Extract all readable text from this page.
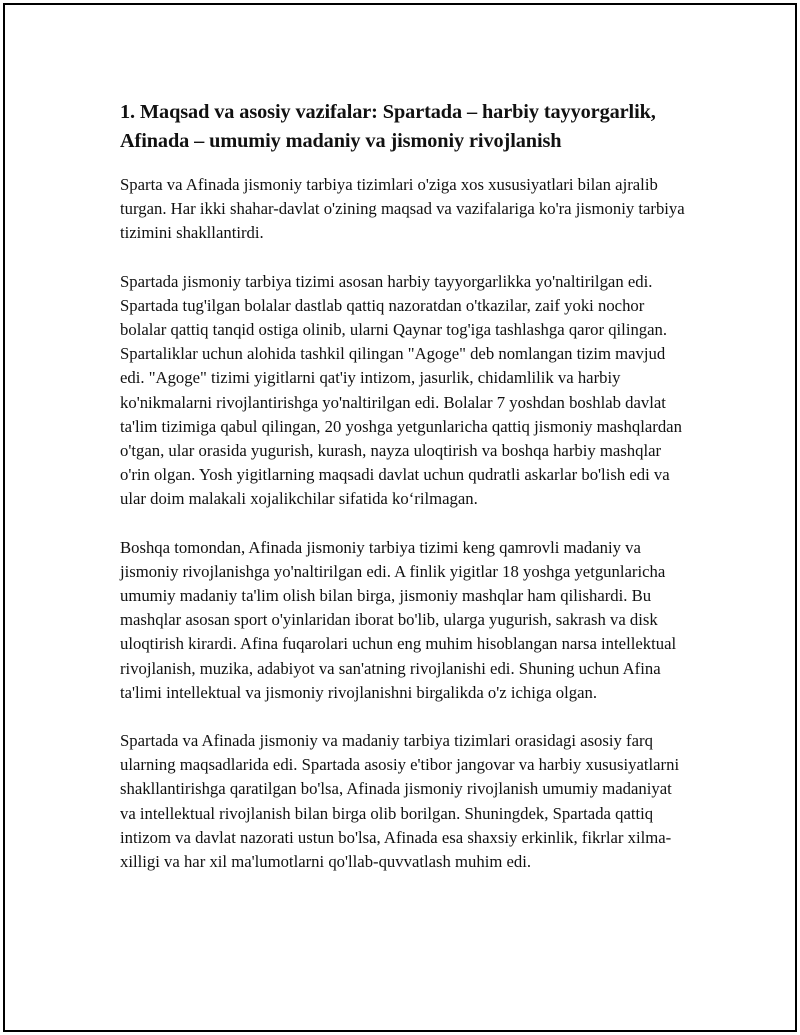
1. Maqsad va asosiy vazifalar: Spartada – harbiy tayyorgarlik, Afinada – umumiy madaniy va jismoniy rivojlanish

Sparta va Afinada jismoniy tarbiya tizimlari o'ziga xos xususiyatlari bilan ajralib turgan. Har ikki shahar-davlat o'zining maqsad va vazifalariga ko'ra jismoniy tarbiya tizimini shakllantirdi.

Spartada jismoniy tarbiya tizimi asosan harbiy tayyorgarlikka yo'naltirilgan edi. Spartada tug'ilgan bolalar dastlab qattiq nazoratdan o'tkazilar, zaif yoki nochor bolalar qattiq tanqid ostiga olinib, ularni Qaynar tog'iga tashlashga qaror qilingan. Spartaliklar uchun alohida tashkil qilingan "Agoge" deb nomlangan tizim mavjud edi. "Agoge" tizimi yigitlarni qat'iy intizom, jasurlik, chidamlilik va harbiy ko'nikmalarni rivojlantirishga yo'naltirilgan edi. Bolalar 7 yoshdan boshlab davlat ta'lim tizimiga qabul qilingan, 20 yoshga yetgunlaricha qattiq jismoniy mashqlardan o'tgan, ular orasida yugurish, kurash, nayza uloqtirish va boshqa harbiy mashqlar o'rin olgan. Yosh yigitlarning maqsadi davlat uchun qudratli askarlar bo'lish edi va ular doim malakali xojalikchilar sifatida ko‘rilmagan.

Boshqa tomondan, Afinada jismoniy tarbiya tizimi keng qamrovli madaniy va jismoniy rivojlanishga yo'naltirilgan edi. A finlik yigitlar 18 yoshga yetgunlaricha umumiy madaniy ta'lim olish bilan birga, jismoniy mashqlar ham qilishardi. Bu mashqlar asosan sport o'yinlaridan iborat bo'lib, ularga yugurish, sakrash va disk uloqtirish kirardi. Afina fuqarolari uchun eng muhim hisoblangan narsa intellektual rivojlanish, muzika, adabiyot va san'atning rivojlanishi edi. Shuning uchun Afina ta'limi intellektual va jismoniy rivojlanishni birgalikda o'z ichiga olgan.

Spartada va Afinada jismoniy va madaniy tarbiya tizimlari orasidagi asosiy farq ularning maqsadlarida edi. Spartada asosiy e'tibor jangovar va harbiy xususiyatlarni shakllantirishga qaratilgan bo'lsa, Afinada jismoniy rivojlanish umumiy madaniyat va intellektual rivojlanish bilan birga olib borilgan. Shuningdek, Spartada qattiq intizom va davlat nazorati ustun bo'lsa, Afinada esa shaxsiy erkinlik, fikrlar xilma-xilligi va har xil ma'lumotlarni qo'llab-quvvatlash muhim edi.
